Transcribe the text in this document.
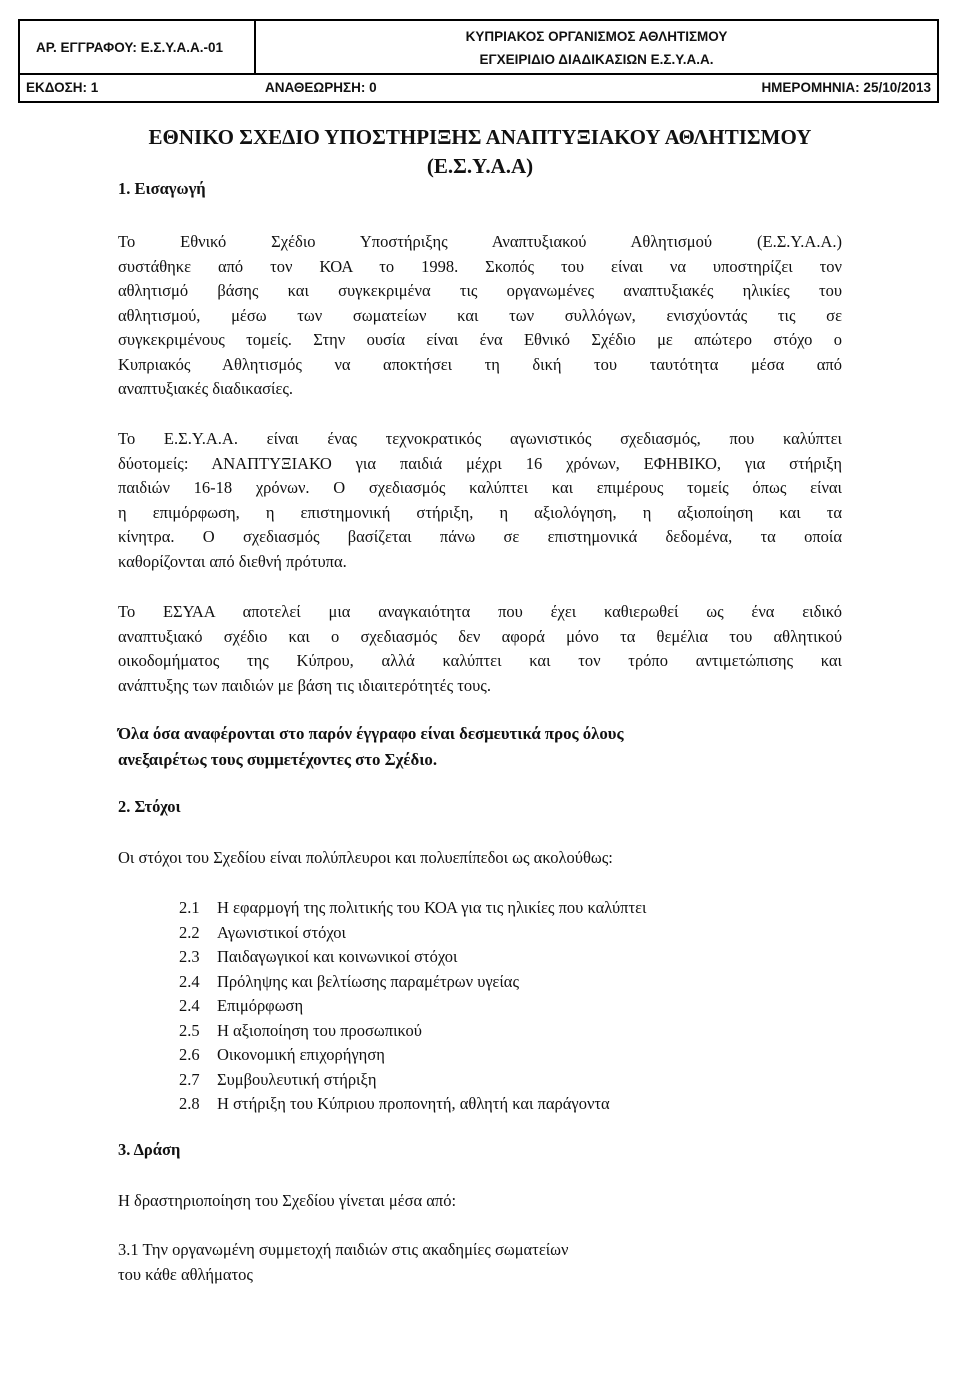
ΑΡ. ΕΓΓΡΑΦΟΥ: Ε.Σ.Υ.Α.Α.-01
ΚΥΠΡΙΑΚΟΣ ΟΡΓΑΝΙΣΜΟΣ ΑΘΛΗΤΙΣΜΟΥ
ΕΓΧΕΙΡΙΔΙΟ ΔΙΑΔΙΚΑΣΙΩΝ Ε.Σ.Υ.Α.Α.
ΕΚΔΟΣΗ: 1	ΑΝΑΘΕΩΡΗΣΗ: 0	ΗΜΕΡΟΜΗΝΙΑ: 25/10/2013
ΕΘΝΙΚΟ ΣΧΕΔΙΟ ΥΠΟΣΤΗΡΙΞΗΣ ΑΝΑΠΤΥΞΙΑΚΟΥ ΑΘΛΗΤΙΣΜΟΥ
(Ε.Σ.Υ.Α.Α)
1. Εισαγωγή
Το Εθνικό Σχέδιο Υποστήριξης Αναπτυξιακού Αθλητισμού (Ε.Σ.Υ.Α.Α.)
συστάθηκε από τον ΚΟΑ το 1998. Σκοπός του είναι να υποστηρίζει τον
αθλητισμό βάσης και συγκεκριμένα τις οργανωμένες αναπτυξιακές ηλικίες του
αθλητισμού, μέσω των σωματείων και των συλλόγων, ενισχύοντάς τις σε
συγκεκριμένους τομείς. Στην ουσία είναι ένα Εθνικό Σχέδιο με απώτερο στόχο ο
Κυπριακός Αθλητισμός να αποκτήσει τη δική του ταυτότητα μέσα από
αναπτυξιακές διαδικασίες.
Το Ε.Σ.Υ.Α.Α. είναι ένας τεχνοκρατικός αγωνιστικός σχεδιασμός, που καλύπτει
δύοτομείς: ΑΝΑΠΤΥΞΙΑΚΟ για παιδιά μέχρι 16 χρόνων, ΕΦΗΒΙΚΟ, για στήριξη
παιδιών 16-18 χρόνων. Ο σχεδιασμός καλύπτει και επιμέρους τομείς όπως είναι
η επιμόρφωση, η επιστημονική στήριξη, η αξιολόγηση, η αξιοποίηση και τα
κίνητρα. Ο σχεδιασμός βασίζεται πάνω σε επιστημονικά δεδομένα, τα οποία
καθορίζονται από διεθνή πρότυπα.
Το ΕΣΥΑΑ αποτελεί μια αναγκαιότητα που έχει καθιερωθεί ως ένα ειδικό
αναπτυξιακό σχέδιο και ο σχεδιασμός δεν αφορά μόνο τα θεμέλια του αθλητικού
οικοδομήματος της Κύπρου, αλλά καλύπτει και τον τρόπο αντιμετώπισης και
ανάπτυξης των παιδιών με βάση τις ιδιαιτερότητές τους.
Όλα όσα αναφέρονται στο παρόν έγγραφο είναι δεσμευτικά προς όλους
ανεξαιρέτως τους συμμετέχοντες στο Σχέδιο.
2. Στόχοι
Οι στόχοι του Σχεδίου είναι πολύπλευροι και πολυεπίπεδοι ως ακολούθως:
2.1 Η εφαρμογή της πολιτικής του ΚΟΑ για τις ηλικίες που καλύπτει
2.2 Αγωνιστικοί στόχοι
2.3 Παιδαγωγικοί και κοινωνικοί στόχοι
2.4 Πρόληψης και βελτίωσης παραμέτρων υγείας
2.4 Επιμόρφωση
2.5 Η αξιοποίηση του προσωπικού
2.6 Οικονομική επιχορήγηση
2.7 Συμβουλευτική στήριξη
2.8 Η στήριξη του Κύπριου προπονητή, αθλητή και παράγοντα
3. Δράση
Η δραστηριοποίηση του Σχεδίου γίνεται μέσα από:
3.1 Την οργανωμένη συμμετοχή παιδιών στις ακαδημίες σωματείων
του κάθε αθλήματος
